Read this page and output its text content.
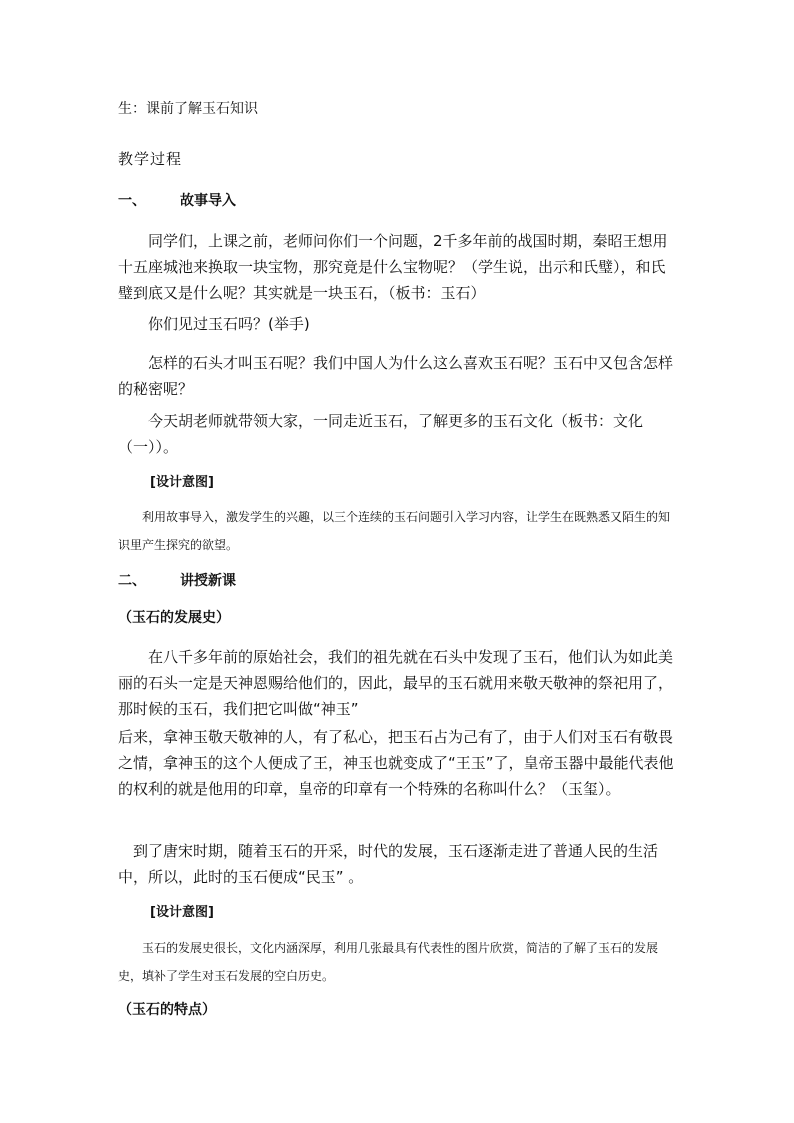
生：课前了解玉石知识

教学过程

一、 故事导入

同学们，上课之前，老师问你们一个问题，2千多年前的战国时期，秦昭王想用十五座城池来换取一块宝物，那究竟是什么宝物呢？（学生说，出示和氏璧），和氏璧到底又是什么呢？其实就是一块玉石，（板书：玉石）

你们见过玉石吗？(举手)

怎样的石头才叫玉石呢？我们中国人为什么这么喜欢玉石呢？玉石中又包含怎样的秘密呢？

今天胡老师就带领大家，一同走近玉石，了解更多的玉石文化（板书：文化（一））。

[设计意图]

利用故事导入，激发学生的兴趣，以三个连续的玉石问题引入学习内容，让学生在既熟悉又陌生的知识里产生探究的欲望。

二、 讲授新课

（玉石的发展史）

在八千多年前的原始社会，我们的祖先就在石头中发现了玉石，他们认为如此美丽的石头一定是天神恩赐给他们的，因此，最早的玉石就用来敬天敬神的祭祀用了，那时候的玉石，我们把它叫做“神玉”

后来，拿神玉敬天敬神的人，有了私心，把玉石占为己有了，由于人们对玉石有敬畏之情，拿神玉的这个人便成了王，神玉也就变成了“王玉”了，皇帝玉器中最能代表他的权利的就是他用的印章，皇帝的印章有一个特殊的名称叫什么？（玉玺）。

到了唐宋时期，随着玉石的开采，时代的发展，玉石逐渐走进了普通人民的生活中，所以，此时的玉石便成“民玉” 。

[设计意图]

玉石的发展史很长，文化内涵深厚，利用几张最具有代表性的图片欣赏，简洁的了解了玉石的发展史，填补了学生对玉石发展的空白历史。

（玉石的特点）
